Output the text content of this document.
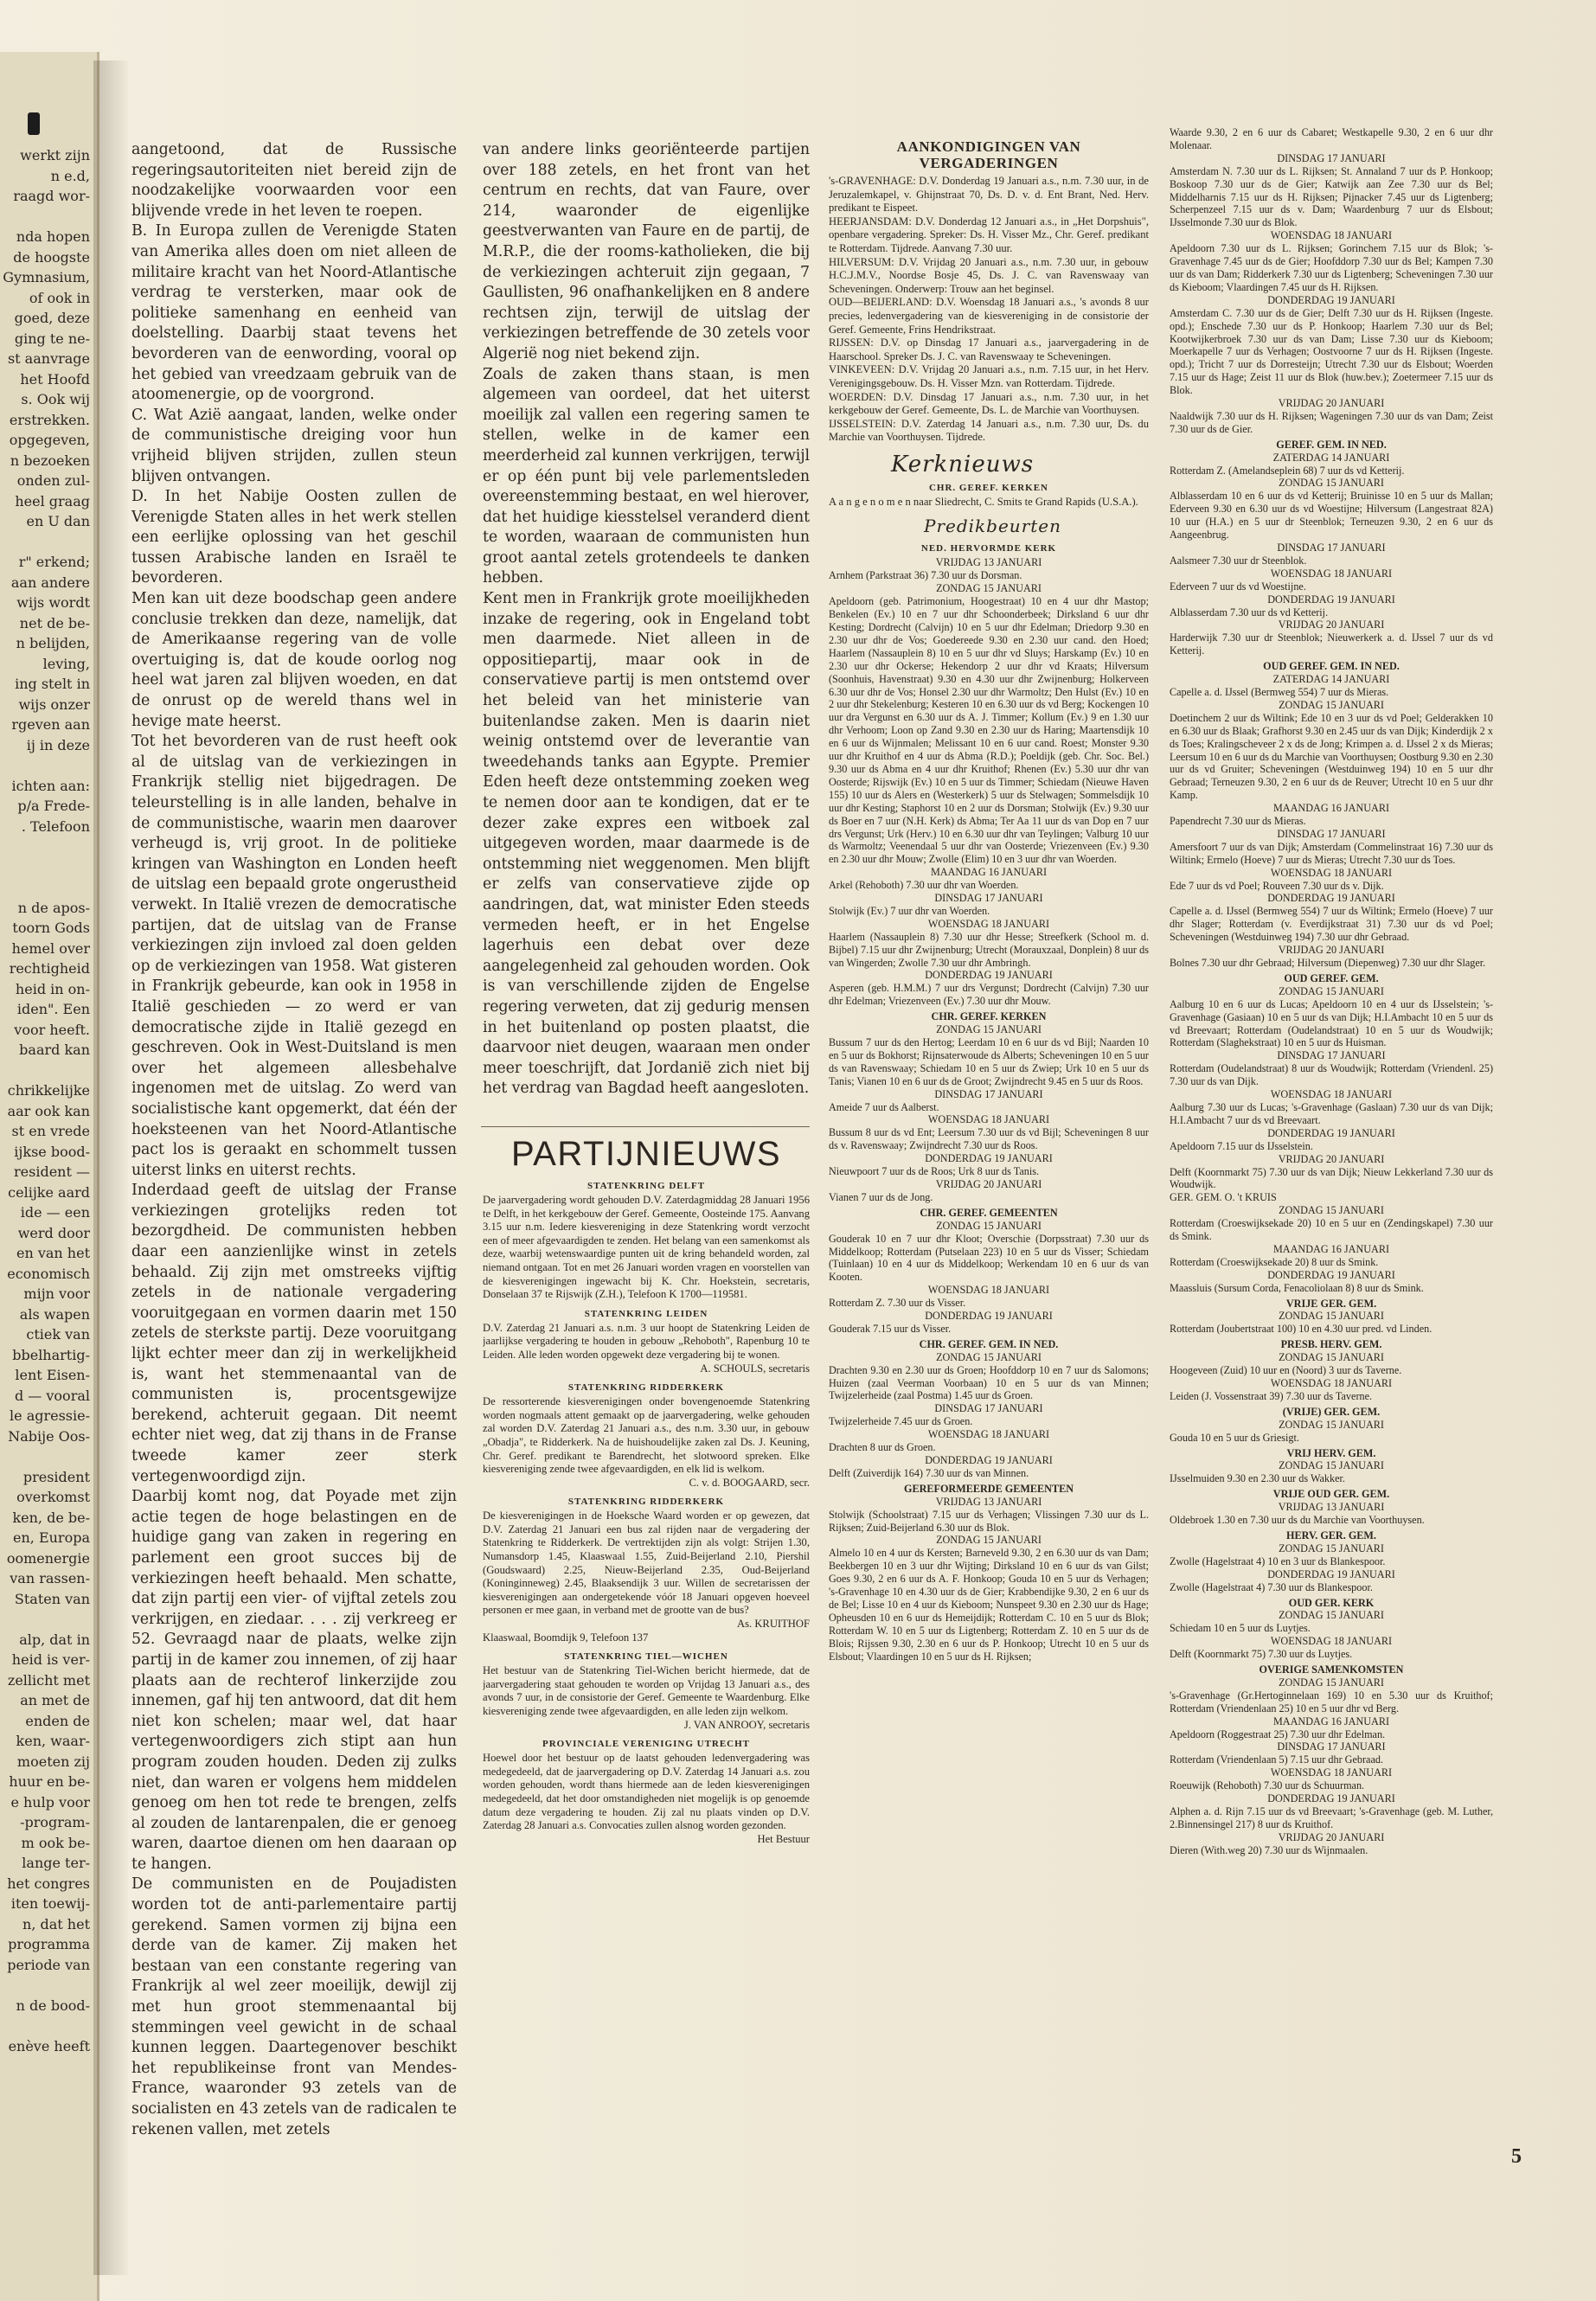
werkt zijn
n e.d,
raagd wor-

nda hopen
de hoogste
Gymnasium,
of ook in
goed, deze
ging te ne-
st aanvrage
het Hoofd
s. Ook wij
erstrekken.
opgegeven,
n bezoeken
onden zul-
heel graag
en U dan

r" erkend;
aan andere
wijs wordt
net de be-
n belijden,
leving,
ing stelt in
wijs onzer
rgeven aan
ij in deze

ichten aan:
p/a Frede-
. Telefoon

n de apos-
toorn Gods
hemel over
rechtigheid
heid in on-
iden". Een
voor heeft.
baard kan

chrikkelijke
aar ook kan
st en vrede
ijkse bood-
resident —
celijke aard
ide — een
werd door
en van het
economisch
mijn voor
als wapen
ctiek van
bbelhartig-
lent Eisen-
d — vooral
le agressie-
Nabije Oos-

president
overkomst
ken, de be-
en, Europa
oomenergie
van rassen-
Staten van

alp, dat in
heid is ver-
zellicht met
an met de
enden de
ken, waar-
moeten zij
huur en be-
e hulp voor
-program-
m ook be-
lange ter-
het congres
iten toewij-
n, dat het
programma
periode van

n de bood-

enève heeft

aangetoond, dat de Russische regeringsautoriteiten niet bereid zijn de noodzakelijke voorwaarden voor een blijvende vrede in het leven te roepen.

B. In Europa zullen de Verenigde Staten van Amerika alles doen om niet alleen de militaire kracht van het Noord-Atlantische verdrag te versterken, maar ook de politieke samenhang en eenheid van doelstelling. Daarbij staat tevens het bevorderen van de eenwording, vooral op het gebied van vreedzaam gebruik van de atoomenergie, op de voorgrond.

C. Wat Azië aangaat, landen, welke onder de communistische dreiging voor hun vrijheid blijven strijden, zullen steun blijven ontvangen.

D. In het Nabije Oosten zullen de Verenigde Staten alles in het werk stellen een eerlijke oplossing van het geschil tussen Arabische landen en Israël te bevorderen.

Men kan uit deze boodschap geen andere conclusie trekken dan deze, namelijk, dat de Amerikaanse regering van de volle overtuiging is, dat de koude oorlog nog heel wat jaren zal blijven woeden, en dat de onrust op de wereld thans wel in hevige mate heerst.

Tot het bevorderen van de rust heeft ook al de uitslag van de verkiezingen in Frankrijk stellig niet bijgedragen. De teleurstelling is in alle landen, behalve in de communistische, waarin men daarover verheugd is, vrij groot. In de politieke kringen van Washington en Londen heeft de uitslag een bepaald grote ongerustheid verwekt. In Italië vrezen de democratische partijen, dat de uitslag van de Franse verkiezingen zijn invloed zal doen gelden op de verkiezingen van 1958. Wat gisteren in Frankrijk gebeurde, kan ook in 1958 in Italië geschieden — zo werd er van democratische zijde in Italië gezegd en geschreven. Ook in West-Duitsland is men over het algemeen allesbehalve ingenomen met de uitslag. Zo werd van socialistische kant opgemerkt, dat één der hoeksteenen van het Noord-Atlantische pact los is geraakt en schommelt tussen uiterst links en uiterst rechts.

Inderdaad geeft de uitslag der Franse verkiezingen grotelijks reden tot bezorgdheid. De communisten hebben daar een aanzienlijke winst in zetels behaald. Zij zijn met omstreeks vijftig zetels in de nationale vergadering vooruitgegaan en vormen daarin met 150 zetels de sterkste partij. Deze vooruitgang lijkt echter meer dan zij in werkelijkheid is, want het stemmenaantal van de communisten is, procentsgewijze berekend, achteruit gegaan. Dit neemt echter niet weg, dat zij thans in de Franse tweede kamer zeer sterk vertegenwoordigd zijn.

Daarbij komt nog, dat Poyade met zijn actie tegen de hoge belastingen en de huidige gang van zaken in regering en parlement een groot succes bij de verkiezingen heeft behaald. Men schatte, dat zijn partij een vier- of vijftal zetels zou verkrijgen, en ziedaar. . . . zij verkreeg er 52. Gevraagd naar de plaats, welke zijn partij in de kamer zou innemen, of zij haar plaats aan de rechterof linkerzijde zou innemen, gaf hij ten antwoord, dat dit hem niet kon schelen; maar wel, dat haar vertegenwoordigers zich stipt aan hun program zouden houden. Deden zij zulks niet, dan waren er volgens hem middelen genoeg om hen tot rede te brengen, zelfs al zouden de lantarenpalen, die er genoeg waren, daartoe dienen om hen daaraan op te hangen.

De communisten en de Poujadisten worden tot de anti-parlementaire partij gerekend. Samen vormen zij bijna een derde van de kamer. Zij maken het bestaan van een constante regering van Frankrijk al wel zeer moeilijk, dewijl zij met hun groot stemmenaantal bij stemmingen veel gewicht in de schaal kunnen leggen. Daartegenover beschikt het republikeinse front van Mendes-France, waaronder 93 zetels van de socialisten en 43 zetels van de radicalen te rekenen vallen, met zetels

van andere links georiënteerde partijen over 188 zetels, en het front van het centrum en rechts, dat van Faure, over 214, waaronder de eigenlijke geestverwanten van Faure en de partij, de M.R.P., die der rooms-katholieken, die bij de verkiezingen achteruit zijn gegaan, 7 Gaullisten, 96 onafhankelijken en 8 andere rechtsen zijn, terwijl de uitslag der verkiezingen betreffende de 30 zetels voor Algerië nog niet bekend zijn.

Zoals de zaken thans staan, is men algemeen van oordeel, dat het uiterst moeilijk zal vallen een regering samen te stellen, welke in de kamer een meerderheid zal kunnen verkrijgen, terwijl er op één punt bij vele parlementsleden overeenstemming bestaat, en wel hierover, dat het huidige kiesstelsel veranderd dient te worden, waaraan de communisten hun groot aantal zetels grotendeels te danken hebben.

Kent men in Frankrijk grote moeilijkheden inzake de regering, ook in Engeland tobt men daarmede. Niet alleen in de oppositiepartij, maar ook in de conservatieve partij is men ontstemd over het beleid van het ministerie van buitenlandse zaken. Men is daarin niet weinig ontstemd over de leverantie van tweedehands tanks aan Egypte. Premier Eden heeft deze ontstemming zoeken weg te nemen door aan te kondigen, dat er te dezer zake expres een witboek zal uitgegeven worden, maar daarmede is de ontstemming niet weggenomen. Men blijft er zelfs van conservatieve zijde op aandringen, dat, wat minister Eden steeds vermeden heeft, er in het Engelse lagerhuis een debat over deze aangelegenheid zal gehouden worden. Ook is van verschillende zijden de Engelse regering verweten, dat zij gedurig mensen in het buitenland op posten plaatst, die daarvoor niet deugen, waaraan men onder meer toeschrijft, dat Jordanië zich niet bij het verdrag van Bagdad heeft aangesloten.

PARTIJNIEUWS
STATENKRING DELFT
De jaarvergadering wordt gehouden D.V. Zaterdagmiddag 28 Januari 1956 te Delft, in het kerkgebouw der Geref. Gemeente, Oosteinde 175. Aanvang 3.15 uur n.m. Iedere kiesvereniging in deze Statenkring wordt verzocht een of meer afgevaardigden te zenden. Het belang van een samenkomst als deze, waarbij wetenswaardige punten uit de kring behandeld worden, zal niemand ontgaan. Tot en met 26 Januari worden vragen en voorstellen van de kiesverenigingen ingewacht bij K. Chr. Hoekstein, secretaris, Donselaan 37 te Rijswijk (Z.H.), Telefoon K 1700—119581.
STATENKRING LEIDEN
D.V. Zaterdag 21 Januari a.s. n.m. 3 uur hoopt de Statenkring Leiden de jaarlijkse vergadering te houden in gebouw „Rehoboth", Rapenburg 10 te Leiden. Alle leden worden opgewekt deze vergadering bij te wonen.
A. SCHOULS, secretaris
STATENKRING RIDDERKERK
De ressorterende kiesverenigingen onder bovengenoemde Statenkring worden nogmaals attent gemaakt op de jaarvergadering, welke gehouden zal worden D.V. Zaterdag 21 Januari a.s., des n.m. 3.30 uur, in gebouw „Obadja", te Ridderkerk. Na de huishoudelijke zaken zal Ds. J. Keuning, Chr. Geref. predikant te Barendrecht, het slotwoord spreken. Elke kiesvereniging zende twee afgevaardigden, en elk lid is welkom.
C. v. d. BOOGAARD, secr.
STATENKRING RIDDERKERK
De kiesverenigingen in de Hoeksche Waard worden er op gewezen, dat D.V. Zaterdag 21 Januari een bus zal rijden naar de vergadering der Statenkring te Ridderkerk. De vertrektijden zijn als volgt: Strijen 1.30, Numansdorp 1.45, Klaaswaal 1.55, Zuid-Beijerland 2.10, Piershil (Goudswaard) 2.25, Nieuw-Beijerland 2.35, Oud-Beijerland (Koninginneweg) 2.45, Blaaksendijk 3 uur. Willen de secretarissen der kiesverenigingen aan ondergetekende vóór 18 Januari opgeven hoeveel personen er mee gaan, in verband met de grootte van de bus?
As. KRUITHOF
Klaaswaal, Boomdijk 9, Telefoon 137
STATENKRING TIEL—WICHEN
Het bestuur van de Statenkring Tiel-Wichen bericht hiermede, dat de jaarvergadering staat gehouden te worden op Vrijdag 13 Januari a.s., des avonds 7 uur, in de consistorie der Geref. Gemeente te Waardenburg. Elke kiesvereniging zende twee afgevaardigden, en alle leden zijn welkom.
J. VAN ANROOY, secretaris
PROVINCIALE VERENIGING UTRECHT
Hoewel door het bestuur op de laatst gehouden ledenvergadering was medegedeeld, dat de jaarvergadering op D.V. Zaterdag 14 Januari a.s. zou worden gehouden, wordt thans hiermede aan de leden kiesverenigingen medegedeeld, dat het door omstandigheden niet mogelijk is op genoemde datum deze vergadering te houden. Zij zal nu plaats vinden op D.V. Zaterdag 28 Januari a.s. Convocaties zullen alsnog worden gezonden.
Het Bestuur
AANKONDIGINGEN VAN VERGADERINGEN
's-GRAVENHAGE: D.V. Donderdag 19 Januari a.s., n.m. 7.30 uur, in de Jeruzalemkapel, v. Ghijnstraat 70, Ds. D. v. d. Ent Brant, Ned. Herv. predikant te Eispeet.
HEERJANSDAM: D.V. Donderdag 12 Januari a.s., in „Het Dorpshuis", openbare vergadering. Spreker: Ds. H. Visser Mz., Chr. Geref. predikant te Rotterdam. Tijdrede. Aanvang 7.30 uur.
HILVERSUM: D.V. Vrijdag 20 Januari a.s., n.m. 7.30 uur, in gebouw H.C.J.M.V., Noordse Bosje 45, Ds. J. C. van Ravenswaay van Scheveningen. Onderwerp: Trouw aan het beginsel.
OUD—BEIJERLAND: D.V. Woensdag 18 Januari a.s., 's avonds 8 uur precies, ledenvergadering van de kiesvereniging in de consistorie der Geref. Gemeente, Frins Hendrikstraat.
RIJSSEN: D.V. op Dinsdag 17 Januari a.s., jaarvergadering in de Haarschool. Spreker Ds. J. C. van Ravenswaay te Scheveningen.
VINKEVEEN: D.V. Vrijdag 20 Januari a.s., n.m. 7.15 uur, in het Herv. Verenigingsgebouw. Ds. H. Visser Mzn. van Rotterdam. Tijdrede.
WOERDEN: D.V. Dinsdag 17 Januari a.s., n.m. 7.30 uur, in het kerkgebouw der Geref. Gemeente, Ds. L. de Marchie van Voorthuysen.
IJSSELSTEIN: D.V. Zaterdag 14 Januari a.s., n.m. 7.30 uur, Ds. du Marchie van Voorthuysen. Tijdrede.
Kerknieuws
CHR. GEREF. KERKEN
A a n g e n o m e n naar Sliedrecht, C. Smits te Grand Rapids (U.S.A.).
Predikbeurten
NED. HERVORMDE KERK
VRIJDAG 13 JANUARI
Arnhem (Parkstraat 36) 7.30 uur ds Dorsman.
ZONDAG 15 JANUARI
Apeldoorn (geb. Patrimonium, Hoogestraat) 10 en 4 uur dhr Mastop; Benkelen (Ev.) 10 en 7 uur dhr Schoonderbeek; Dirksland 6 uur dhr Kesting; Dordrecht (Calvijn) 10 en 5 uur dhr Edelman; Driedorp 9.30 en 2.30 uur dhr de Vos; Goedereede 9.30 en 2.30 uur cand. den Hoed; Haarlem (Nassauplein 8) 10 en 5 uur dhr vd Sluys; Harskamp (Ev.) 10 en 2.30 uur dhr Ockerse; Hekendorp 2 uur dhr vd Kraats; Hilversum (Soonhuis, Havenstraat) 9.30 en 4.30 uur dhr Zwijnenburg; Holkerveen 6.30 uur dhr de Vos; Honsel 2.30 uur dhr Warmoltz; Den Hulst (Ev.) 10 en 2 uur dhr Stekelenburg; Kesteren 10 en 6.30 uur ds vd Berg; Kockengen 10 uur dra Vergunst en 6.30 uur ds A. J. Timmer; Kollum (Ev.) 9 en 1.30 uur dhr Verhoom; Loon op Zand 9.30 en 2.30 uur ds Haring; Maartensdijk 10 en 6 uur ds Wijnmalen; Melissant 10 en 6 uur cand. Roest; Monster 9.30 uur dhr Kruithof en 4 uur ds Abma (R.D.); Poeldijk (geb. Chr. Soc. Bel.) 9.30 uur ds Abma en 4 uur dhr Kruithof; Rhenen (Ev.) 5.30 uur dhr van Oosterde; Rijswijk (Ev.) 10 en 5 uur ds Timmer; Schiedam (Nieuwe Haven 155) 10 uur ds Alers en (Westerkerk) 5 uur ds Stelwagen; Sommelsdijk 10 uur dhr Kesting; Staphorst 10 en 2 uur ds Dorsman; Stolwijk (Ev.) 9.30 uur ds Boer en 7 uur (N.H. Kerk) ds Abma; Ter Aa 11 uur ds van Dop en 7 uur drs Vergunst; Urk (Herv.) 10 en 6.30 uur dhr van Teylingen; Valburg 10 uur ds Warmoltz; Veenendaal 5 uur dhr van Oosterde; Vriezenveen (Ev.) 9.30 en 2.30 uur dhr Mouw; Zwolle (Elim) 10 en 3 uur dhr van Woerden.
MAANDAG 16 JANUARI
Arkel (Rehoboth) 7.30 uur dhr van Woerden.
DINSDAG 17 JANUARI
Stolwijk (Ev.) 7 uur dhr van Woerden.
WOENSDAG 18 JANUARI
Haarlem (Nassauplein 8) 7.30 uur dhr Hesse; Streefkerk (School m. d. Bijbel) 7.15 uur dhr Zwijnenburg; Utrecht (Morauxzaal, Donplein) 8 uur ds van Wingerden; Zwolle 7.30 uur dhr Ambringh.
DONDERDAG 19 JANUARI
Asperen (geb. H.M.M.) 7 uur drs Vergunst; Dordrecht (Calvijn) 7.30 uur dhr Edelman; Vriezenveen (Ev.) 7.30 uur dhr Mouw.
CHR. GEREF. KERKEN
ZONDAG 15 JANUARI
Bussum 7 uur ds den Hertog; Leerdam 10 en 6 uur ds vd Bijl; Naarden 10 en 5 uur ds Bokhorst; Rijnsaterwoude ds Alberts; Scheveningen 10 en 5 uur ds van Ravenswaay; Schiedam 10 en 5 uur ds Zwiep; Urk 10 en 5 uur ds Tanis; Vianen 10 en 6 uur ds de Groot; Zwijndrecht 9.45 en 5 uur ds Roos.
DINSDAG 17 JANUARI
Ameide 7 uur ds Aalberst.
WOENSDAG 18 JANUARI
Bussum 8 uur ds vd Ent; Leersum 7.30 uur ds vd Bijl; Scheveningen 8 uur ds v. Ravenswaay; Zwijndrecht 7.30 uur ds Roos.
DONDERDAG 19 JANUARI
Nieuwpoort 7 uur ds de Roos; Urk 8 uur ds Tanis.
VRIJDAG 20 JANUARI
Vianen 7 uur ds de Jong.
CHR. GEREF. GEMEENTEN
ZONDAG 15 JANUARI
Gouderak 10 en 7 uur dhr Kloot; Overschie (Dorpsstraat) 7.30 uur ds Middelkoop; Rotterdam (Putselaan 223) 10 en 5 uur ds Visser; Schiedam (Tuinlaan) 10 en 4 uur ds Middelkoop; Werkendam 10 en 6 uur ds van Kooten.
WOENSDAG 18 JANUARI
Rotterdam Z. 7.30 uur ds Visser.
DONDERDAG 19 JANUARI
Gouderak 7.15 uur ds Visser.
CHR. GEREF. GEM. IN NED.
ZONDAG 15 JANUARI
Drachten 9.30 en 2.30 uur ds Groen; Hoofddorp 10 en 7 uur ds Salomons; Huizen (zaal Veerman Voorbaan) 10 en 5 uur ds van Minnen; Twijzelerheide (zaal Postma) 1.45 uur ds Groen.
DINSDAG 17 JANUARI
Twijzelerheide 7.45 uur ds Groen.
WOENSDAG 18 JANUARI
Drachten 8 uur ds Groen.
DONDERDAG 19 JANUARI
Delft (Zuiverdijk 164) 7.30 uur ds van Minnen.
GEREFORMEERDE GEMEENTEN
VRIJDAG 13 JANUARI
Stolwijk (Schoolstraat) 7.15 uur ds Verhagen; Vlissingen 7.30 uur ds L. Rijksen; Zuid-Beijerland 6.30 uur ds Blok.
ZONDAG 15 JANUARI
Almelo 10 en 4 uur ds Kersten; Barneveld 9.30, 2 en 6.30 uur ds van Dam; Beekbergen 10 en 3 uur dhr Wijting; Dirksland 10 en 6 uur ds van Gilst; Goes 9.30, 2 en 6 uur ds A. F. Honkoop; Gouda 10 en 5 uur ds Verhagen; 's-Gravenhage 10 en 4.30 uur ds de Gier; Krabbendijke 9.30, 2 en 6 uur ds de Bel; Lisse 10 en 4 uur ds Kieboom; Nunspeet 9.30 en 2.30 uur ds Hage; Opheusden 10 en 6 uur ds Hemeijdijk; Rotterdam C. 10 en 5 uur ds Blok; Rotterdam W. 10 en 5 uur ds Ligtenberg; Rotterdam Z. 10 en 5 uur ds de Blois; Rijssen 9.30, 2.30 en 6 uur ds P. Honkoop; Utrecht 10 en 5 uur ds Elsbout; Vlaardingen 10 en 5 uur ds H. Rijksen;
Waarde 9.30, 2 en 6 uur ds Cabaret; Westkapelle 9.30, 2 en 6 uur dhr Molenaar.
DINSDAG 17 JANUARI
Amsterdam N. 7.30 uur ds L. Rijksen; St. Annaland 7 uur ds P. Honkoop; Boskoop 7.30 uur ds de Gier; Katwijk aan Zee 7.30 uur ds Bel; Middelharnis 7.15 uur ds H. Rijksen; Pijnacker 7.45 uur ds Ligtenberg; Scherpenzeel 7.15 uur ds v. Dam; Waardenburg 7 uur ds Elsbout; IJsselmonde 7.30 uur ds Blok.
WOENSDAG 18 JANUARI
Apeldoorn 7.30 uur ds L. Rijksen; Gorinchem 7.15 uur ds Blok; 's-Gravenhage 7.45 uur ds de Gier; Hoofddorp 7.30 uur ds Bel; Kampen 7.30 uur ds van Dam; Ridderkerk 7.30 uur ds Ligtenberg; Scheveningen 7.30 uur ds Kieboom; Vlaardingen 7.45 uur ds H. Rijksen.
DONDERDAG 19 JANUARI
Amsterdam C. 7.30 uur ds de Gier; Delft 7.30 uur ds H. Rijksen (Ingeste. opd.); Enschede 7.30 uur ds P. Honkoop; Haarlem 7.30 uur ds Bel; Kootwijkerbroek 7.30 uur ds van Dam; Lisse 7.30 uur ds Kieboom; Moerkapelle 7 uur ds Verhagen; Oostvoorne 7 uur ds H. Rijksen (Ingeste. opd.); Tricht 7 uur ds Dorresteijn; Utrecht 7.30 uur ds Elsbout; Woerden 7.15 uur ds Hage; Zeist 11 uur ds Blok (huw.bev.); Zoetermeer 7.15 uur ds Blok.
VRIJDAG 20 JANUARI
Naaldwijk 7.30 uur ds H. Rijksen; Wageningen 7.30 uur ds van Dam; Zeist 7.30 uur ds de Gier.
GEREF. GEM. IN NED.
ZATERDAG 14 JANUARI
Rotterdam Z. (Amelandseplein 68) 7 uur ds vd Ketterij.
ZONDAG 15 JANUARI
Alblasserdam 10 en 6 uur ds vd Ketterij; Bruinisse 10 en 5 uur ds Mallan; Ederveen 9.30 en 6.30 uur ds vd Woestijne; Hilversum (Langestraat 82A) 10 uur (H.A.) en 5 uur dr Steenblok; Terneuzen 9.30, 2 en 6 uur ds Aangeenbrug.
DINSDAG 17 JANUARI
Aalsmeer 7.30 uur dr Steenblok.
WOENSDAG 18 JANUARI
Ederveen 7 uur ds vd Woestijne.
DONDERDAG 19 JANUARI
Alblasserdam 7.30 uur ds vd Ketterij.
VRIJDAG 20 JANUARI
Harderwijk 7.30 uur dr Steenblok; Nieuwerkerk a. d. IJssel 7 uur ds vd Ketterij.
OUD GEREF. GEM. IN NED.
ZATERDAG 14 JANUARI
Capelle a. d. IJssel (Bermweg 554) 7 uur ds Mieras.
ZONDAG 15 JANUARI
Doetinchem 2 uur ds Wiltink; Ede 10 en 3 uur ds vd Poel; Gelderakken 10 en 6.30 uur ds Blaak; Grafhorst 9.30 en 2.45 uur ds van Dijk; Kinderdijk 2 x ds Toes; Kralingscheveer 2 x ds de Jong; Krimpen a. d. IJssel 2 x ds Mieras; Leersum 10 en 6 uur ds du Marchie van Voorthuysen; Oostburg 9.30 en 2.30 uur ds vd Gruiter; Scheveningen (Westduinweg 194) 10 en 5 uur dhr Gebraad; Terneuzen 9.30, 2 en 6 uur ds de Reuver; Utrecht 10 en 5 uur dhr Kamp.
MAANDAG 16 JANUARI
Papendrecht 7.30 uur ds Mieras.
DINSDAG 17 JANUARI
Amersfoort 7 uur ds van Dijk; Amsterdam (Commelinstraat 16) 7.30 uur ds Wiltink; Ermelo (Hoeve) 7 uur ds Mieras; Utrecht 7.30 uur ds Toes.
WOENSDAG 18 JANUARI
Ede 7 uur ds vd Poel; Rouveen 7.30 uur ds v. Dijk.
DONDERDAG 19 JANUARI
Capelle a. d. IJssel (Bermweg 554) 7 uur ds Wiltink; Ermelo (Hoeve) 7 uur dhr Slager; Rotterdam (v. Everdijkstraat 31) 7.30 uur ds vd Poel; Scheveningen (Westduinweg 194) 7.30 uur dhr Gebraad.
VRIJDAG 20 JANUARI
Bolnes 7.30 uur dhr Gebraad; Hilversum (Diepenweg) 7.30 uur dhr Slager.
OUD GEREF. GEM.
ZONDAG 15 JANUARI
Aalburg 10 en 6 uur ds Lucas; Apeldoorn 10 en 4 uur ds IJsselstein; 's-Gravenhage (Gasiaan) 10 en 5 uur ds van Dijk; H.I.Ambacht 10 en 5 uur ds vd Breevaart; Rotterdam (Oudelandstraat) 10 en 5 uur ds Woudwijk; Rotterdam (Slaghekstraat) 10 en 5 uur ds Huisman.
DINSDAG 17 JANUARI
Rotterdam (Oudelandstraat) 8 uur ds Woudwijk; Rotterdam (Vriendenl. 25) 7.30 uur ds van Dijk.
WOENSDAG 18 JANUARI
Aalburg 7.30 uur ds Lucas; 's-Gravenhage (Gaslaan) 7.30 uur ds van Dijk; H.I.Ambacht 7 uur ds vd Breevaart.
DONDERDAG 19 JANUARI
Apeldoorn 7.15 uur ds IJsselstein.
VRIJDAG 20 JANUARI
Delft (Koornmarkt 75) 7.30 uur ds van Dijk; Nieuw Lekkerland 7.30 uur ds Woudwijk.
GER. GEM. O. 't KRUIS
ZONDAG 15 JANUARI
Rotterdam (Croeswijksekade 20) 10 en 5 uur en (Zendingskapel) 7.30 uur ds Smink.
MAANDAG 16 JANUARI
Rotterdam (Croeswijksekade 20) 8 uur ds Smink.
DONDERDAG 19 JANUARI
Maassluis (Sursum Corda, Fenacoliolaan 8) 8 uur ds Smink.
VRIJE GER. GEM.
ZONDAG 15 JANUARI
Rotterdam (Joubertstraat 100) 10 en 4.30 uur pred. vd Linden.
PRESB. HERV. GEM.
ZONDAG 15 JANUARI
Hoogeveen (Zuid) 10 uur en (Noord) 3 uur ds Taverne.
WOENSDAG 18 JANUARI
Leiden (J. Vossenstraat 39) 7.30 uur ds Taverne.
(VRIJE) GER. GEM.
ZONDAG 15 JANUARI
Gouda 10 en 5 uur ds Griesigt.
VRIJ HERV. GEM.
ZONDAG 15 JANUARI
IJsselmuiden 9.30 en 2.30 uur ds Wakker.
VRIJE OUD GER. GEM.
VRIJDAG 13 JANUARI
Oldebroek 1.30 en 7.30 uur ds du Marchie van Voorthuysen.
HERV. GER. GEM.
ZONDAG 15 JANUARI
Zwolle (Hagelstraat 4) 10 en 3 uur ds Blankespoor.
DONDERDAG 19 JANUARI
Zwolle (Hagelstraat 4) 7.30 uur ds Blankespoor.
OUD GER. KERK
ZONDAG 15 JANUARI
Schiedam 10 en 5 uur ds Luytjes.
WOENSDAG 18 JANUARI
Delft (Koornmarkt 75) 7.30 uur ds Luytjes.
OVERIGE SAMENKOMSTEN
ZONDAG 15 JANUARI
's-Gravenhage (Gr.Hertoginnelaan 169) 10 en 5.30 uur ds Kruithof; Rotterdam (Vriendenlaan 25) 10 en 5 uur dhr vd Berg.
MAANDAG 16 JANUARI
Apeldoorn (Roggestraat 25) 7.30 uur dhr Edelman.
DINSDAG 17 JANUARI
Rotterdam (Vriendenlaan 5) 7.15 uur dhr Gebraad.
WOENSDAG 18 JANUARI
Roeuwijk (Rehoboth) 7.30 uur ds Schuurman.
DONDERDAG 19 JANUARI
Alphen a. d. Rijn 7.15 uur ds vd Breevaart; 's-Gravenhage (geb. M. Luther, 2.Binnensingel 217) 8 uur ds Kruithof.
VRIJDAG 20 JANUARI
Dieren (With.weg 20) 7.30 uur ds Wijnmaalen.
5
